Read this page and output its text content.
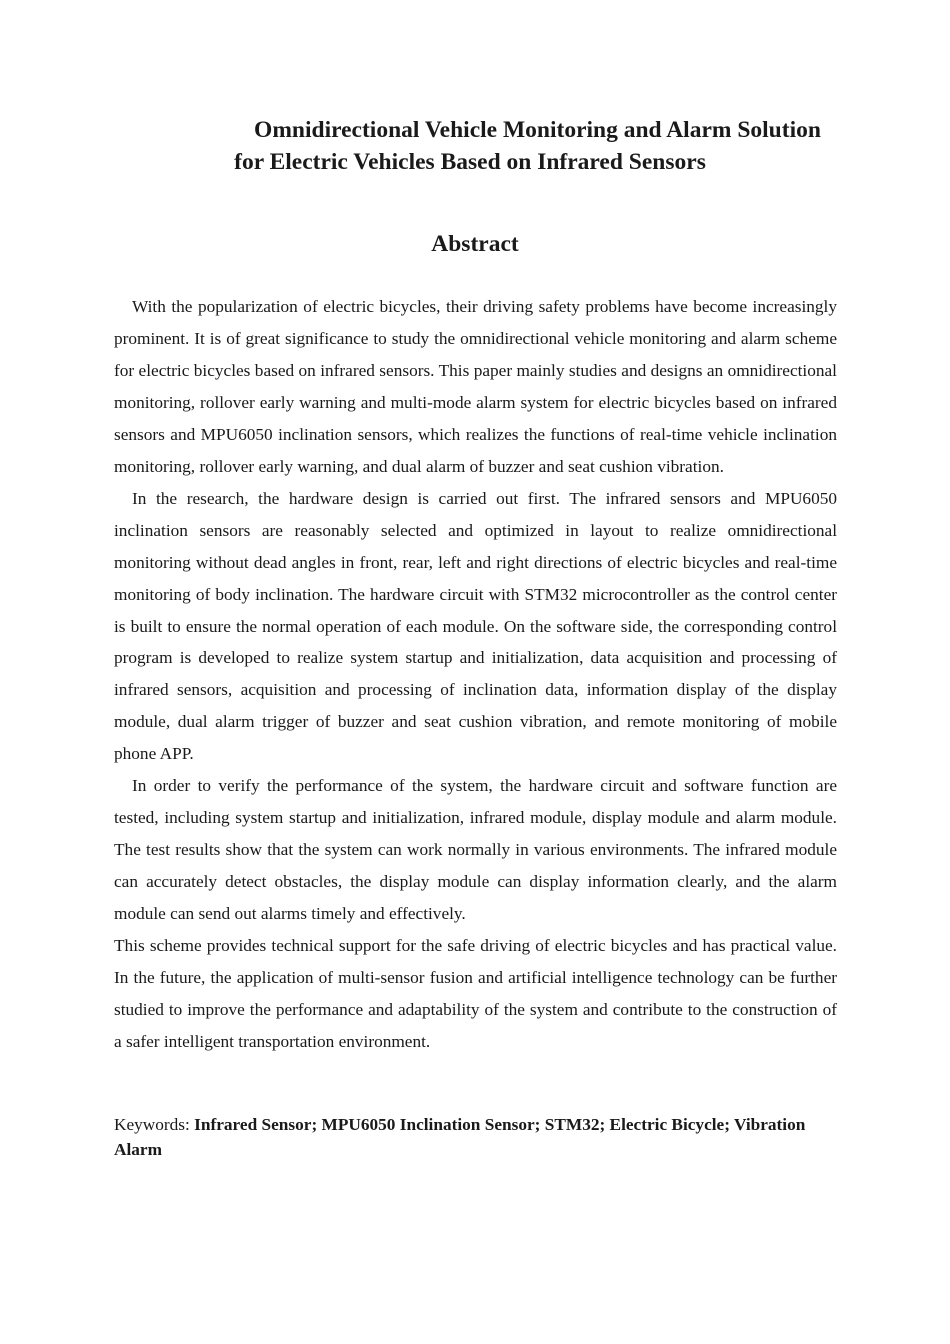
Omnidirectional Vehicle Monitoring and Alarm Solution
for Electric Vehicles Based on Infrared Sensors
Abstract

With the popularization of electric bicycles, their driving safety problems have become increasingly prominent. It is of great significance to study the omnidirectional vehicle monitoring and alarm scheme for electric bicycles based on infrared sensors. This paper mainly studies and designs an omnidirectional monitoring, rollover early warning and multi-mode alarm system for electric bicycles based on infrared sensors and MPU6050 inclination sensors, which realizes the functions of real-time vehicle inclination monitoring, rollover early warning, and dual alarm of buzzer and seat cushion vibration.

In the research, the hardware design is carried out first. The infrared sensors and MPU6050 inclination sensors are reasonably selected and optimized in layout to realize omnidirectional monitoring without dead angles in front, rear, left and right directions of electric bicycles and real-time monitoring of body inclination. The hardware circuit with STM32 microcontroller as the control center is built to ensure the normal operation of each module. On the software side, the corresponding control program is developed to realize system startup and initialization, data acquisition and processing of infrared sensors, acquisition and processing of inclination data, information display of the display module, dual alarm trigger of buzzer and seat cushion vibration, and remote monitoring of mobile phone APP.

In order to verify the performance of the system, the hardware circuit and software function are tested, including system startup and initialization, infrared module, display module and alarm module. The test results show that the system can work normally in various environments. The infrared module can accurately detect obstacles, the display module can display information clearly, and the alarm module can send out alarms timely and effectively.

This scheme provides technical support for the safe driving of electric bicycles and has practical value. In the future, the application of multi-sensor fusion and artificial intelligence technology can be further studied to improve the performance and adaptability of the system and contribute to the construction of a safer intelligent transportation environment.

Keywords: Infrared Sensor; MPU6050 Inclination Sensor; STM32; Electric Bicycle; Vibration Alarm
